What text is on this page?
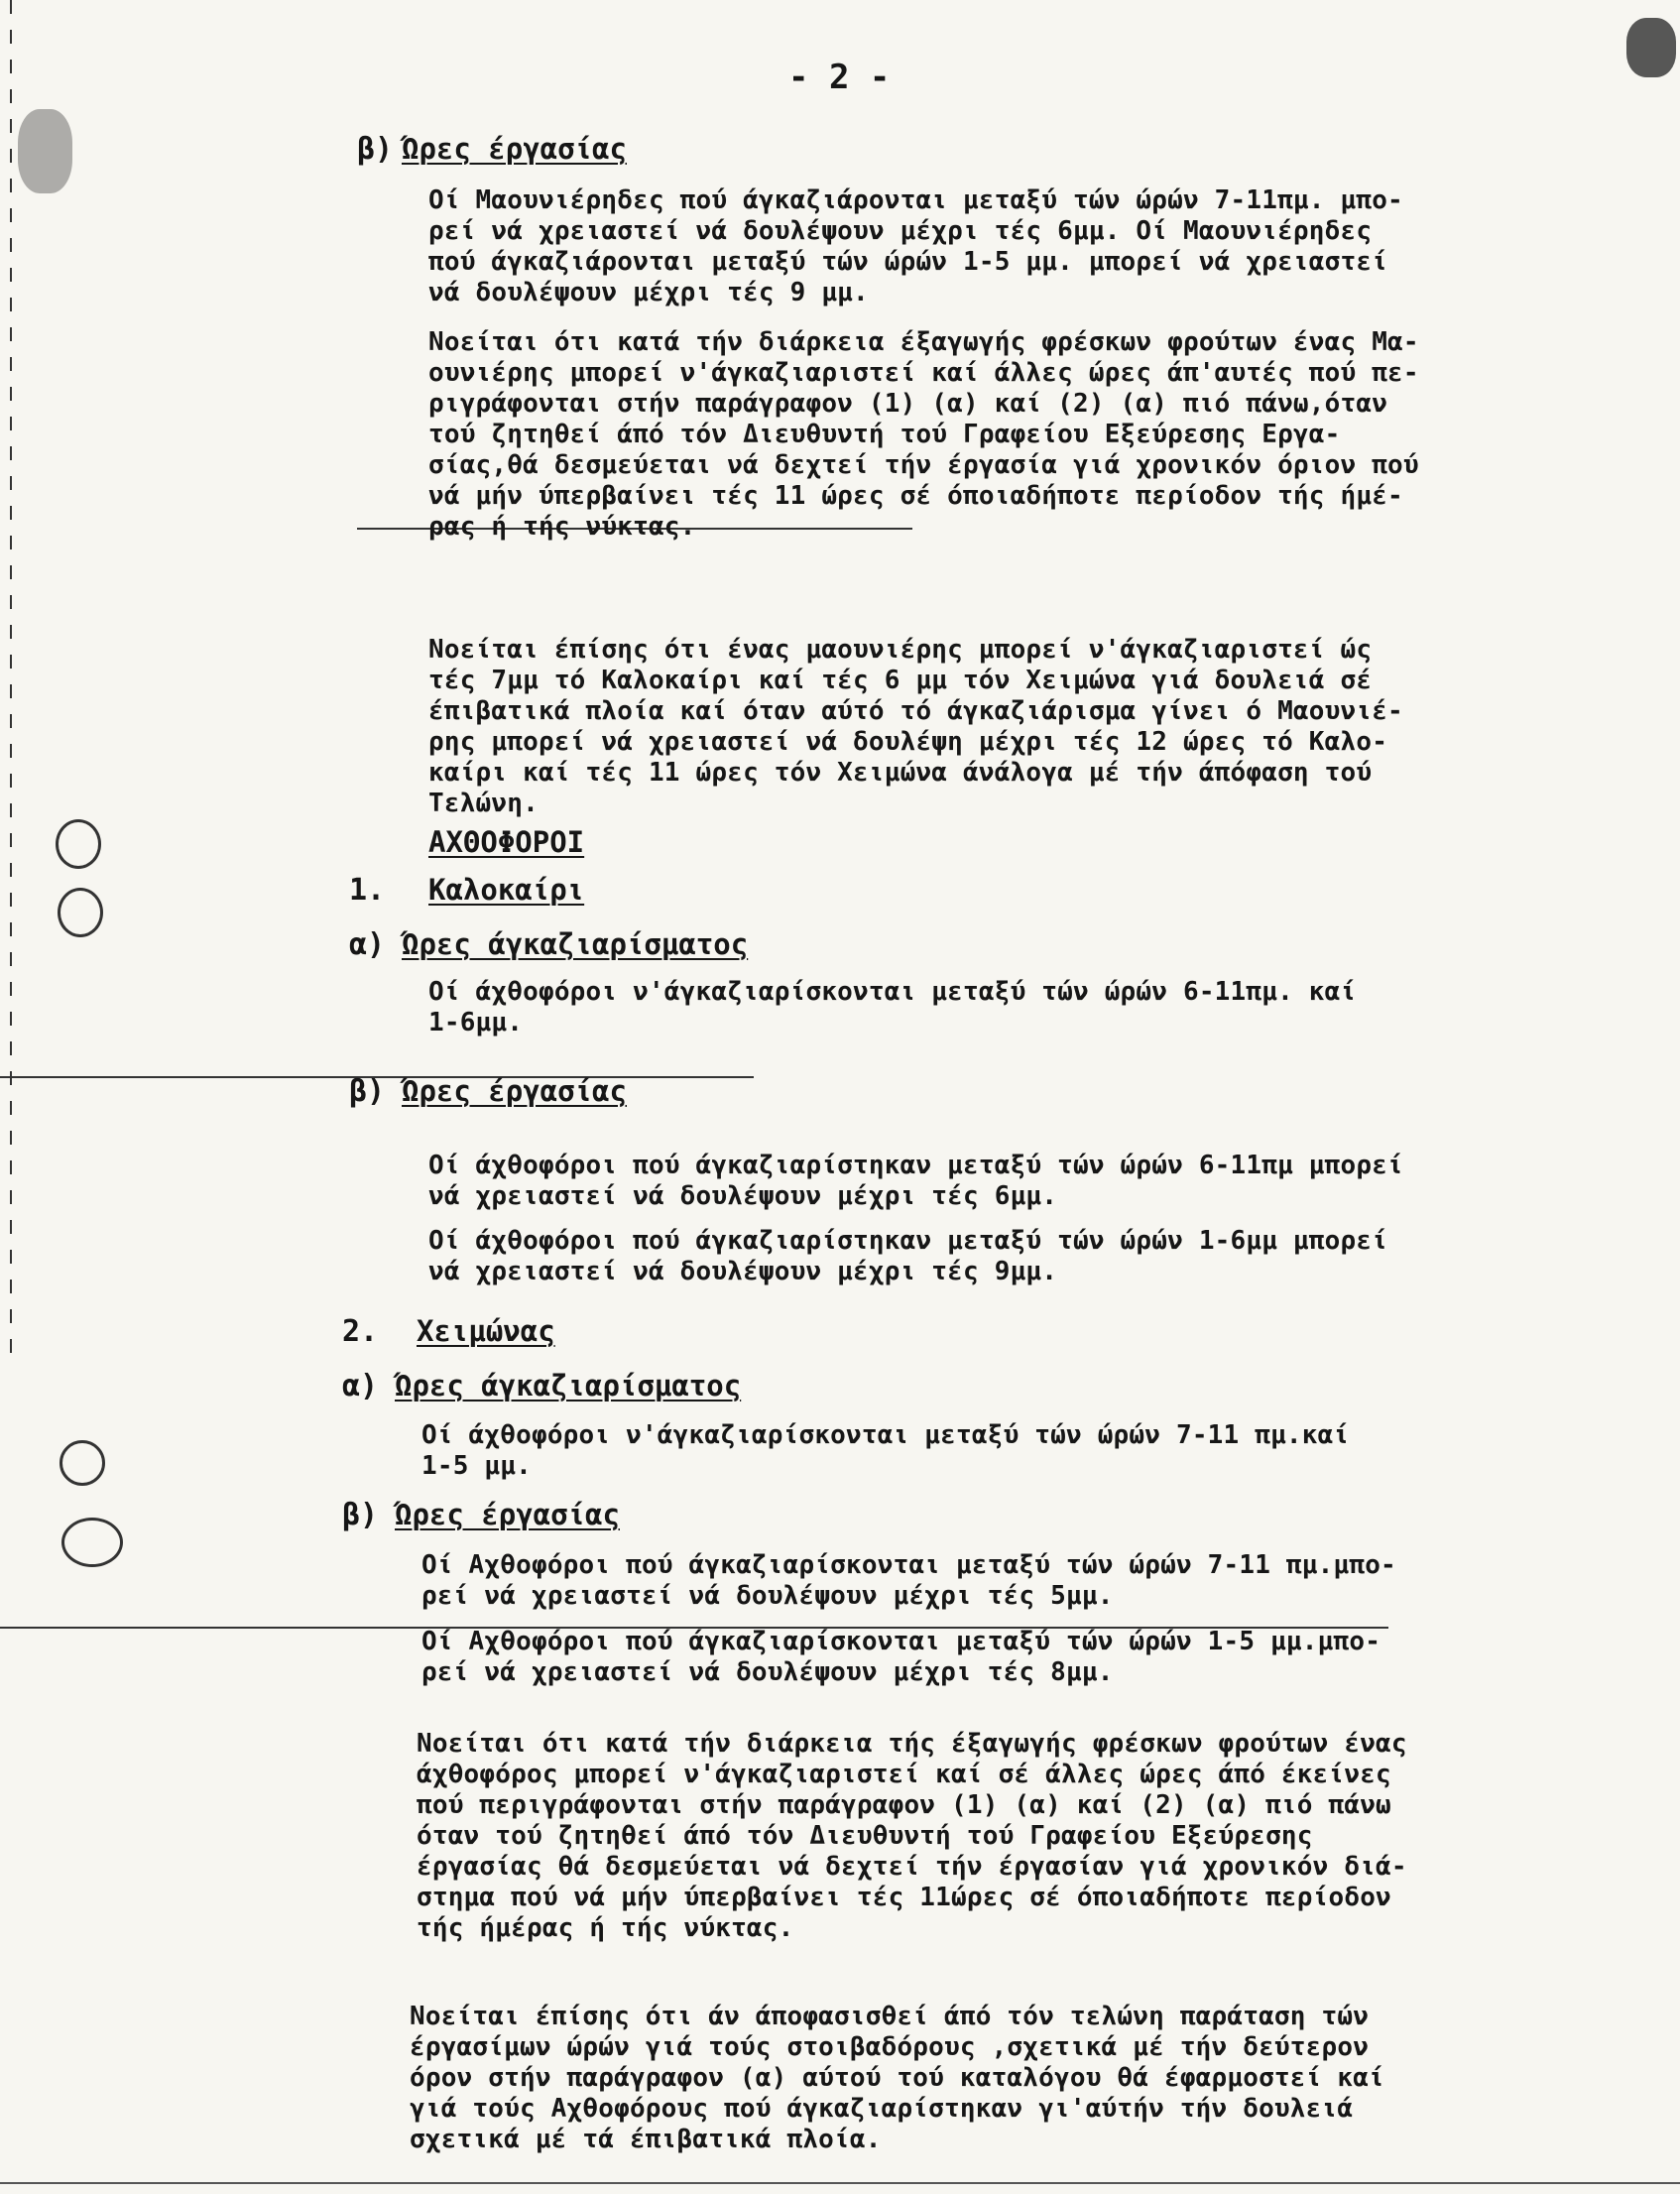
- 2 -
β) Ώρες έργασίας
Οί Μαουνιέρηδες πού άγκαζιάρονται μεταξύ τών ώρών 7-11πμ. μπο-
ρεί νά χρειαστεί νά δουλέψουν μέχρι τές 6μμ. Οί Μαουνιέρηδες
πού άγκαζιάρονται μεταξύ τών ώρών 1-5 μμ. μπορεί νά χρειαστεί
νά δουλέψουν μέχρι τές 9 μμ.
Νοείται ότι κατά τήν διάρκεια έξαγωγής φρέσκων φρούτων ένας Μα-
ουνιέρης μπορεί ν'άγκαζιαριστεί καί άλλες ώρες άπ'αυτές πού πε-
ριγράφονται στήν παράγραφον (1) (α) καί (2) (α) πιό πάνω,όταν
τού ζητηθεί άπό τόν Διευθυντή τού Γραφείου Εξεύρεσης Εργα-
σίας,θά δεσμεύεται νά δεχτεί τήν έργασία γιά χρονικόν όριον πού
νά μήν ύπερβαίνει τές 11 ώρες σέ όποιαδήποτε περίοδον τής ήμέ-
ρας ή τής νύκτας.
Νοείται έπίσης ότι ένας μαουνιέρης μπορεί ν'άγκαζιαριστεί ώς
τές 7μμ τό Καλοκαίρι καί τές 6 μμ τόν Χειμώνα γιά δουλειά σέ
έπιβατικά πλοία καί όταν αύτό τό άγκαζιάρισμα γίνει ό Μαουνιέ-
ρης μπορεί νά χρειαστεί νά δουλέψη μέχρι τές 12 ώρες τό Καλο-
καίρι καί τές 11 ώρες τόν Χειμώνα άνάλογα μέ τήν άπόφαση τού
Τελώνη.
ΑΧΘΟΦΟΡΟΙ
1. Καλοκαίρι
α) Ώρες άγκαζιαρίσματος
Οί άχθοφόροι ν'άγκαζιαρίσκονται μεταξύ τών ώρών 6-11πμ. καί
1-6μμ.
β) Ώρες έργασίας
Οί άχθοφόροι πού άγκαζιαρίστηκαν μεταξύ τών ώρών 6-11πμ μπορεί
νά χρειαστεί νά δουλέψουν μέχρι τές 6μμ.
Οί άχθοφόροι πού άγκαζιαρίστηκαν μεταξύ τών ώρών 1-6μμ μπορεί
νά χρειαστεί νά δουλέψουν μέχρι τές 9μμ.
2. Χειμώνας
α) Ώρες άγκαζιαρίσματος
Οί άχθοφόροι ν'άγκαζιαρίσκονται μεταξύ τών ώρών 7-11 πμ.καί
1-5 μμ.
β) Ώρες έργασίας
Οί Αχθοφόροι πού άγκαζιαρίσκονται μεταξύ τών ώρών 7-11 πμ.μπο-
ρεί νά χρειαστεί νά δουλέψουν μέχρι τές 5μμ.
Οί Αχθοφόροι πού άγκαζιαρίσκονται μεταξύ τών ώρών 1-5 μμ.μπο-
ρεί νά χρειαστεί νά δουλέψουν μέχρι τές 8μμ.
Νοείται ότι κατά τήν διάρκεια τής έξαγωγής φρέσκων φρούτων ένας
άχθοφόρος μπορεί ν'άγκαζιαριστεί καί σέ άλλες ώρες άπό έκείνες
πού περιγράφονται στήν παράγραφον (1) (α) καί (2) (α) πιό πάνω
όταν τού ζητηθεί άπό τόν Διευθυντή τού Γραφείου Εξεύρεσης
έργασίας θά δεσμεύεται νά δεχτεί τήν έργασίαν γιά χρονικόν διά-
στημα πού νά μήν ύπερβαίνει τές 11ώρες σέ όποιαδήποτε περίοδον
τής ήμέρας ή τής νύκτας.
Νοείται έπίσης ότι άν άποφασισθεί άπό τόν τελώνη παράταση τών
έργασίμων ώρών γιά τούς στοιβαδόρους ,σχετικά μέ τήν δεύτερον
όρον στήν παράγραφον (α) αύτού τού καταλόγου θά έφαρμοστεί καί
γιά τούς Αχθοφόρους πού άγκαζιαρίστηκαν γι'αύτήν τήν δουλειά
σχετικά μέ τά έπιβατικά πλοία.
